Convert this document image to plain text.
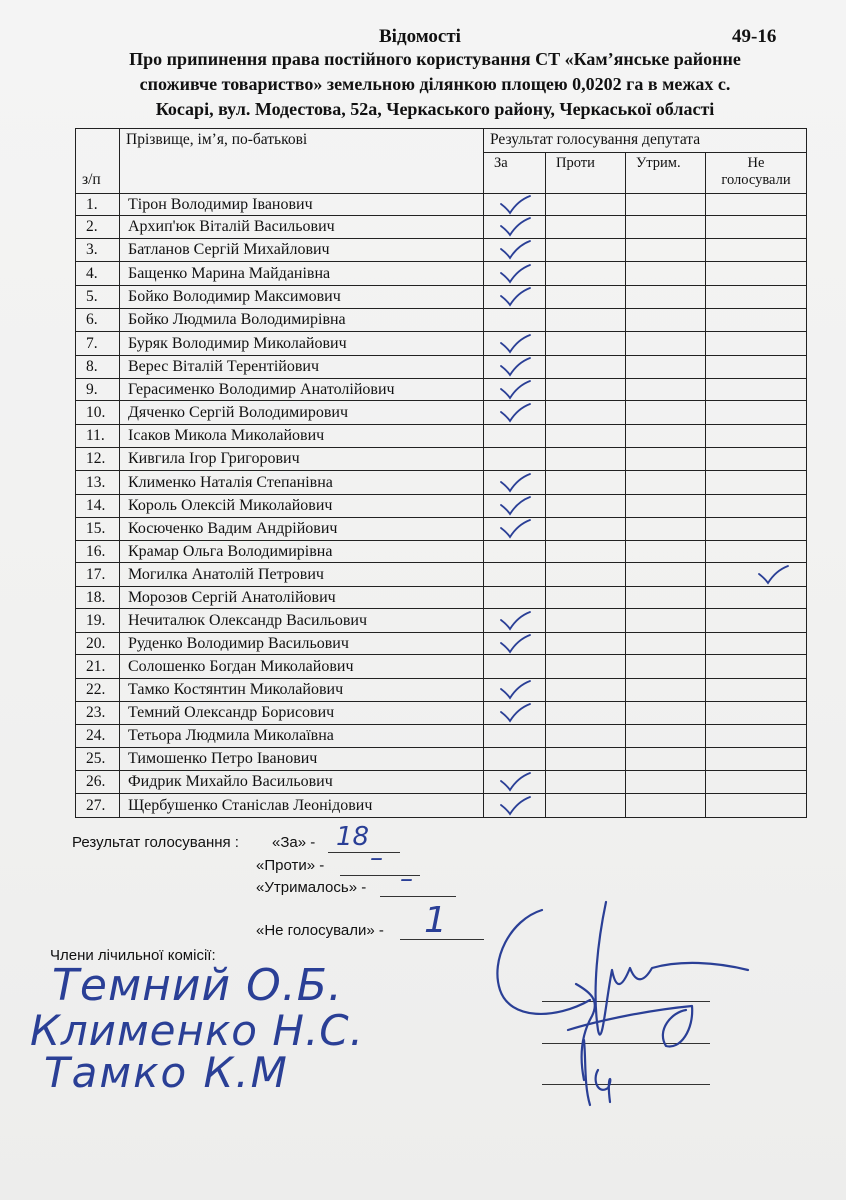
Відомості	49-16
Про припинення права постійного користування СТ «Кам’янське районне
споживче товариство» земельною ділянкою площею 0,0202 га в межах с.
Косарі, вул. Модестова, 52а, Черкаського району, Черкаської області
з/п	Прізвище, ім’я, по-батькові	Результат голосування депутата			
		За	Проти	Утрим.	Не
голосували
1.	Тірон Володимир Іванович	

2.	Архип'юк Віталій Васильович	

3.	Батланов Сергій Михайлович	

4.	Бащенко Марина Майданівна	

5.	Бойко Володимир Максимович	

6.	Бойко Людмила Володимирівна				
7.	Буряк Володимир Миколайович	

8.	Верес Віталій Терентійович	

9.	Герасименко Володимир Анатолійович	

10.	Дяченко Сергій Володимирович	

11.	Ісаков Микола Миколайович				
12.	Кивгила Ігор Григорович				
13.	Клименко Наталія Степанівна	

14.	Король Олексій Миколайович	

15.	Косюченко Вадим Андрійович	

16.	Крамар Ольга Володимирівна				
17.	Могилка Анатолій Петрович				

18.	Морозов Сергій Анатолійович				
19.	Нечиталюк Олександр Васильович	

20.	Руденко Володимир Васильович	

21.	Солошенко Богдан Миколайович				
22.	Тамко Костянтин Миколайович	

23.	Темний Олександр Борисович	

24.	Тетьора Людмила Миколаївна				
25.	Тимошенко Петро Іванович				
26.	Фидрик Михайло Васильович	

27.	Щербушенко Станіслав Леонідович	

Результат голосування : «За» - 18
«Проти» - –
«Утрималось» - –
«Не голосували» - 1
Члени лічильної комісії:
Темний О.Б.
Клименко Н.С.
Тамко К.М
